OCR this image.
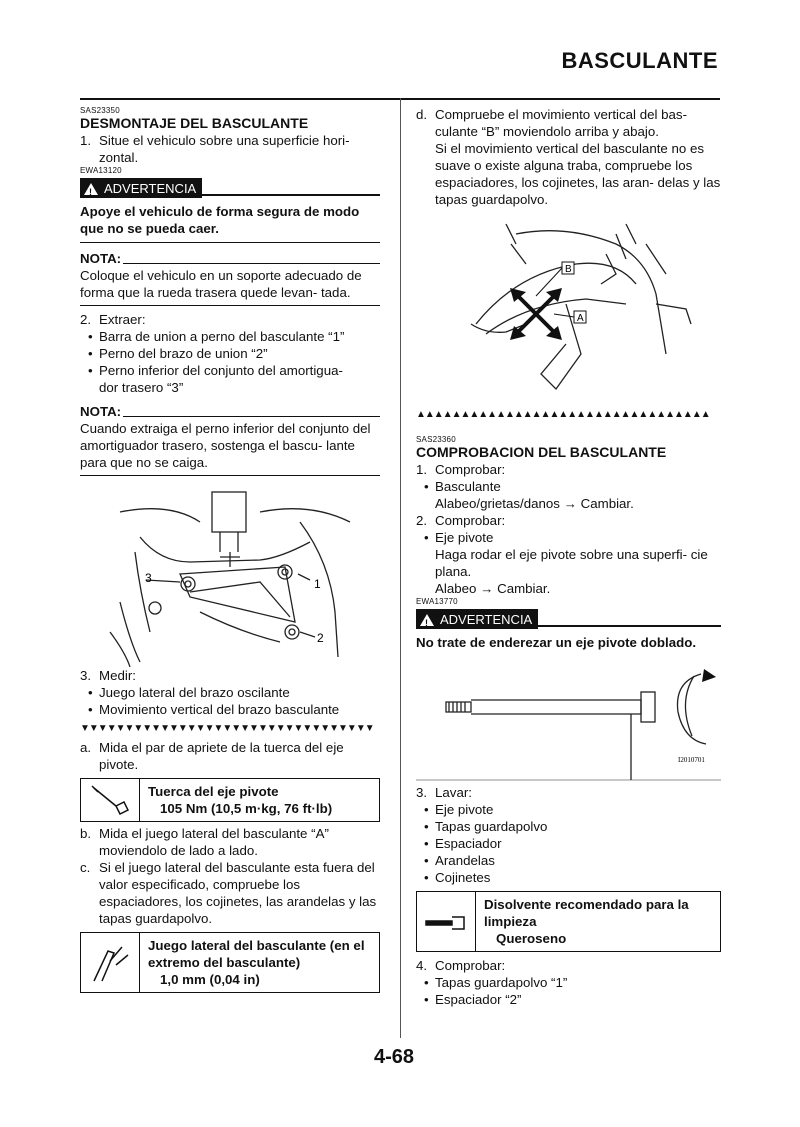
BASCULANTE
SAS23350
DESMONTAJE DEL BASCULANTE
1. Situe el vehiculo sobre una superficie hori- zontal.
EWA13120
!
ADVERTENCIA
Apoye el vehiculo de forma segura de modo que no se pueda caer.
NOTA:
Coloque el vehiculo en un soporte adecuado de forma que la rueda trasera quede levan- tada.
2. Extraer:
• Barra de union a perno del basculante “1”
• Perno del brazo de union “2”
• Perno inferior del conjunto del amortigua- dor trasero “3”
NOTA:
Cuando extraiga el perno inferior del conjunto del amortiguador trasero, sostenga el bascu- lante para que no se caiga.
3	1
2
3. Medir:
• Juego lateral del brazo oscilante
• Movimiento vertical del brazo basculante
▼▼▼▼▼▼▼▼▼▼▼▼▼▼▼▼▼▼▼▼▼▼▼▼▼▼▼▼▼▼▼▼▼
a. Mida el par de apriete de la tuerca del eje pivote.
Tuerca del eje pivote
105 Nm (10,5 m·kg, 76 ft·lb)
b. Mida el juego lateral del basculante “A” moviendolo de lado a lado.
c. Si el juego lateral del basculante esta fuera del valor especificado, compruebe los espaciadores, los cojinetes, las arandelas y las tapas guardapolvo.
Juego lateral del basculante (en el extremo del basculante)
1,0 mm (0,04 in)
d. Compruebe el movimiento vertical del bas- culante “B” moviendolo arriba y abajo.
Si el movimiento vertical del basculante no es suave o existe alguna traba, compruebe los espaciadores, los cojinetes, las aran- delas y las tapas guardapolvo.
B
A
▲▲▲▲▲▲▲▲▲▲▲▲▲▲▲▲▲▲▲▲▲▲▲▲▲▲▲▲▲▲▲▲▲
SAS23360
COMPROBACION DEL BASCULANTE
1. Comprobar:
• Basculante
Alabeo/grietas/danos → Cambiar.
2. Comprobar:
• Eje pivote
Haga rodar el eje pivote sobre una superfi- cie plana.
Alabeo → Cambiar.
EWA13770
!
ADVERTENCIA
No trate de enderezar un eje pivote doblado.
I2010701
3. Lavar:
• Eje pivote
• Tapas guardapolvo
• Espaciador
• Arandelas
• Cojinetes
Disolvente recomendado para la limpieza
Queroseno
4. Comprobar:
• Tapas guardapolvo “1”
• Espaciador “2”
4-68
